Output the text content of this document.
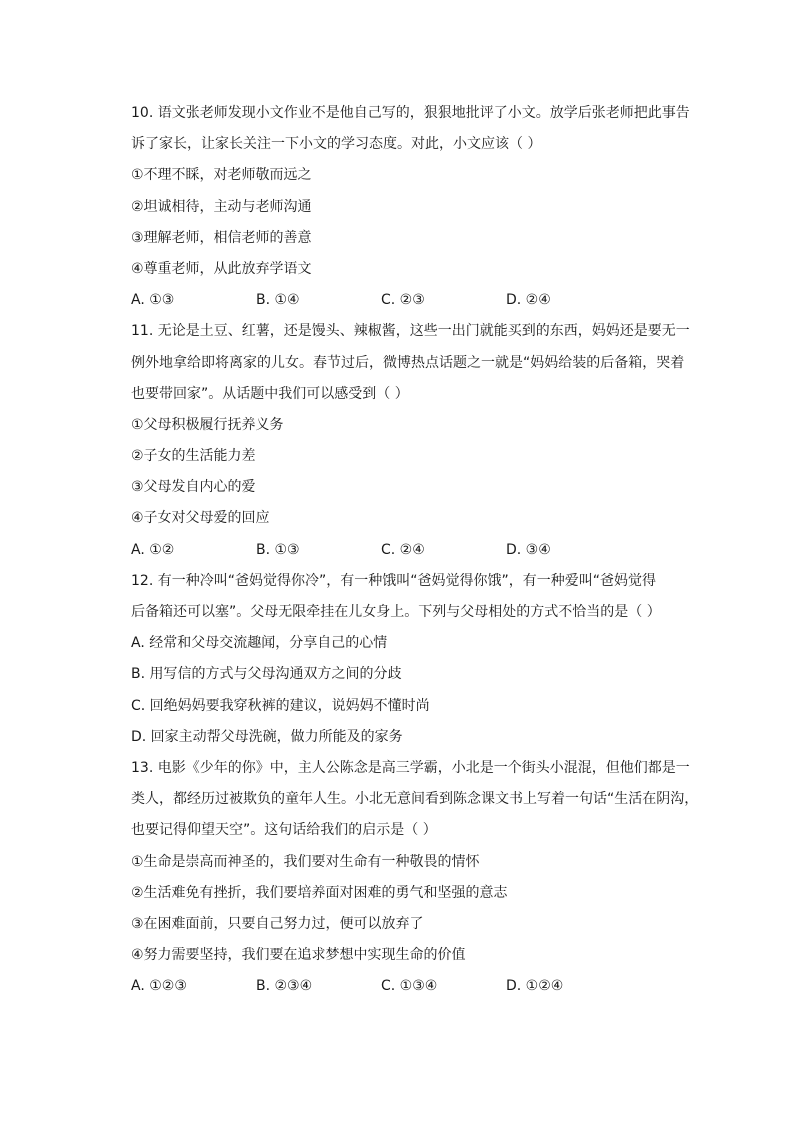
10. 语文张老师发现小文作业不是他自己写的，狠狠地批评了小文。放学后张老师把此事告
诉了家长，让家长关注一下小文的学习态度。对此，小文应该（ ）
①不理不睬，对老师敬而远之
②坦诚相待，主动与老师沟通
③理解老师，相信老师的善意
④尊重老师，从此放弃学语文
A. ①③	B. ①④	C. ②③	D. ②④
11. 无论是土豆、红薯，还是馒头、辣椒酱，这些一出门就能买到的东西，妈妈还是要无一
例外地拿给即将离家的儿女。春节过后，微博热点话题之一就是“妈妈给装的后备箱，哭着
也要带回家”。从话题中我们可以感受到（ ）
①父母积极履行抚养义务
②子女的生活能力差
③父母发自内心的爱
④子女对父母爱的回应
A. ①②	B. ①③	C. ②④	D. ③④
12. 有一种冷叫“爸妈觉得你冷”，有一种饿叫“爸妈觉得你饿”，有一种爱叫“爸妈觉得
后备箱还可以塞”。父母无限牵挂在儿女身上。下列与父母相处的方式不恰当的是（ ）
A. 经常和父母交流趣闻，分享自己的心情
B. 用写信的方式与父母沟通双方之间的分歧
C. 回绝妈妈要我穿秋裤的建议，说妈妈不懂时尚
D. 回家主动帮父母洗碗，做力所能及的家务
13. 电影《少年的你》中，主人公陈念是高三学霸，小北是一个街头小混混，但他们都是一
类人，都经历过被欺负的童年人生。小北无意间看到陈念课文书上写着一句话“生活在阴沟，
也要记得仰望天空”。这句话给我们的启示是（ ）
①生命是崇高而神圣的，我们要对生命有一种敬畏的情怀
②生活难免有挫折，我们要培养面对困难的勇气和坚强的意志
③在困难面前，只要自己努力过，便可以放弃了
④努力需要坚持，我们要在追求梦想中实现生命的价值
A. ①②③	B. ②③④	C. ①③④	D. ①②④
